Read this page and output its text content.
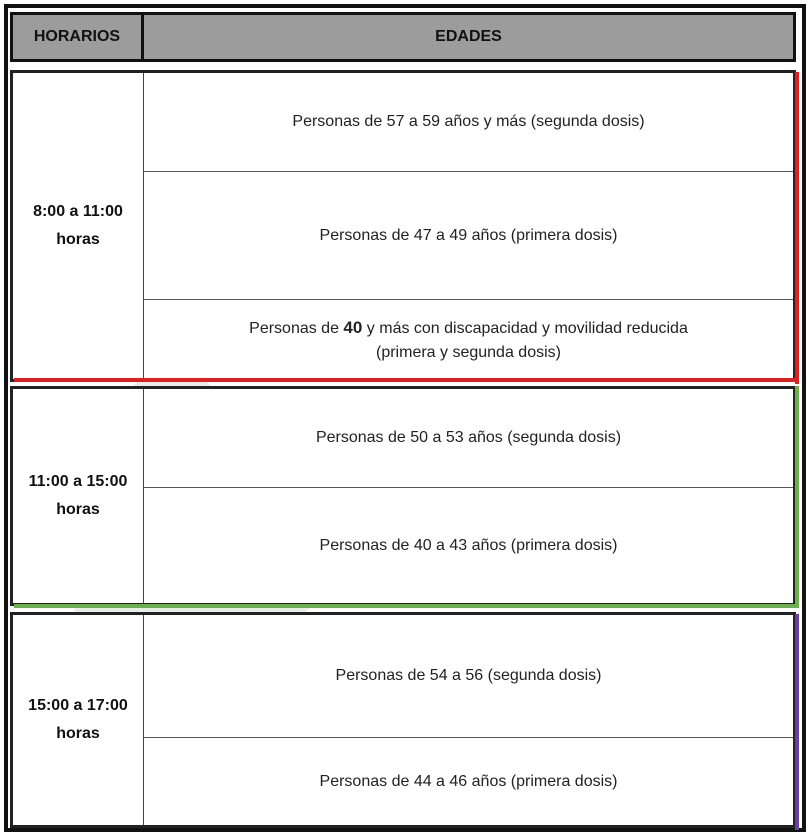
HORARIOS	EDADES
8:00 a 11:00
horas
Personas de 57 a 59 años y más (segunda dosis)
Personas de 47 a 49 años (primera dosis)
Personas de 40 y más con discapacidad y movilidad reducida
(primera y segunda dosis)
11:00 a 15:00
horas
Personas de 50 a 53 años (segunda dosis)
Personas de 40 a 43 años (primera dosis)
15:00 a 17:00
horas
Personas de 54 a 56 (segunda dosis)
Personas de 44 a 46 años (primera dosis)
